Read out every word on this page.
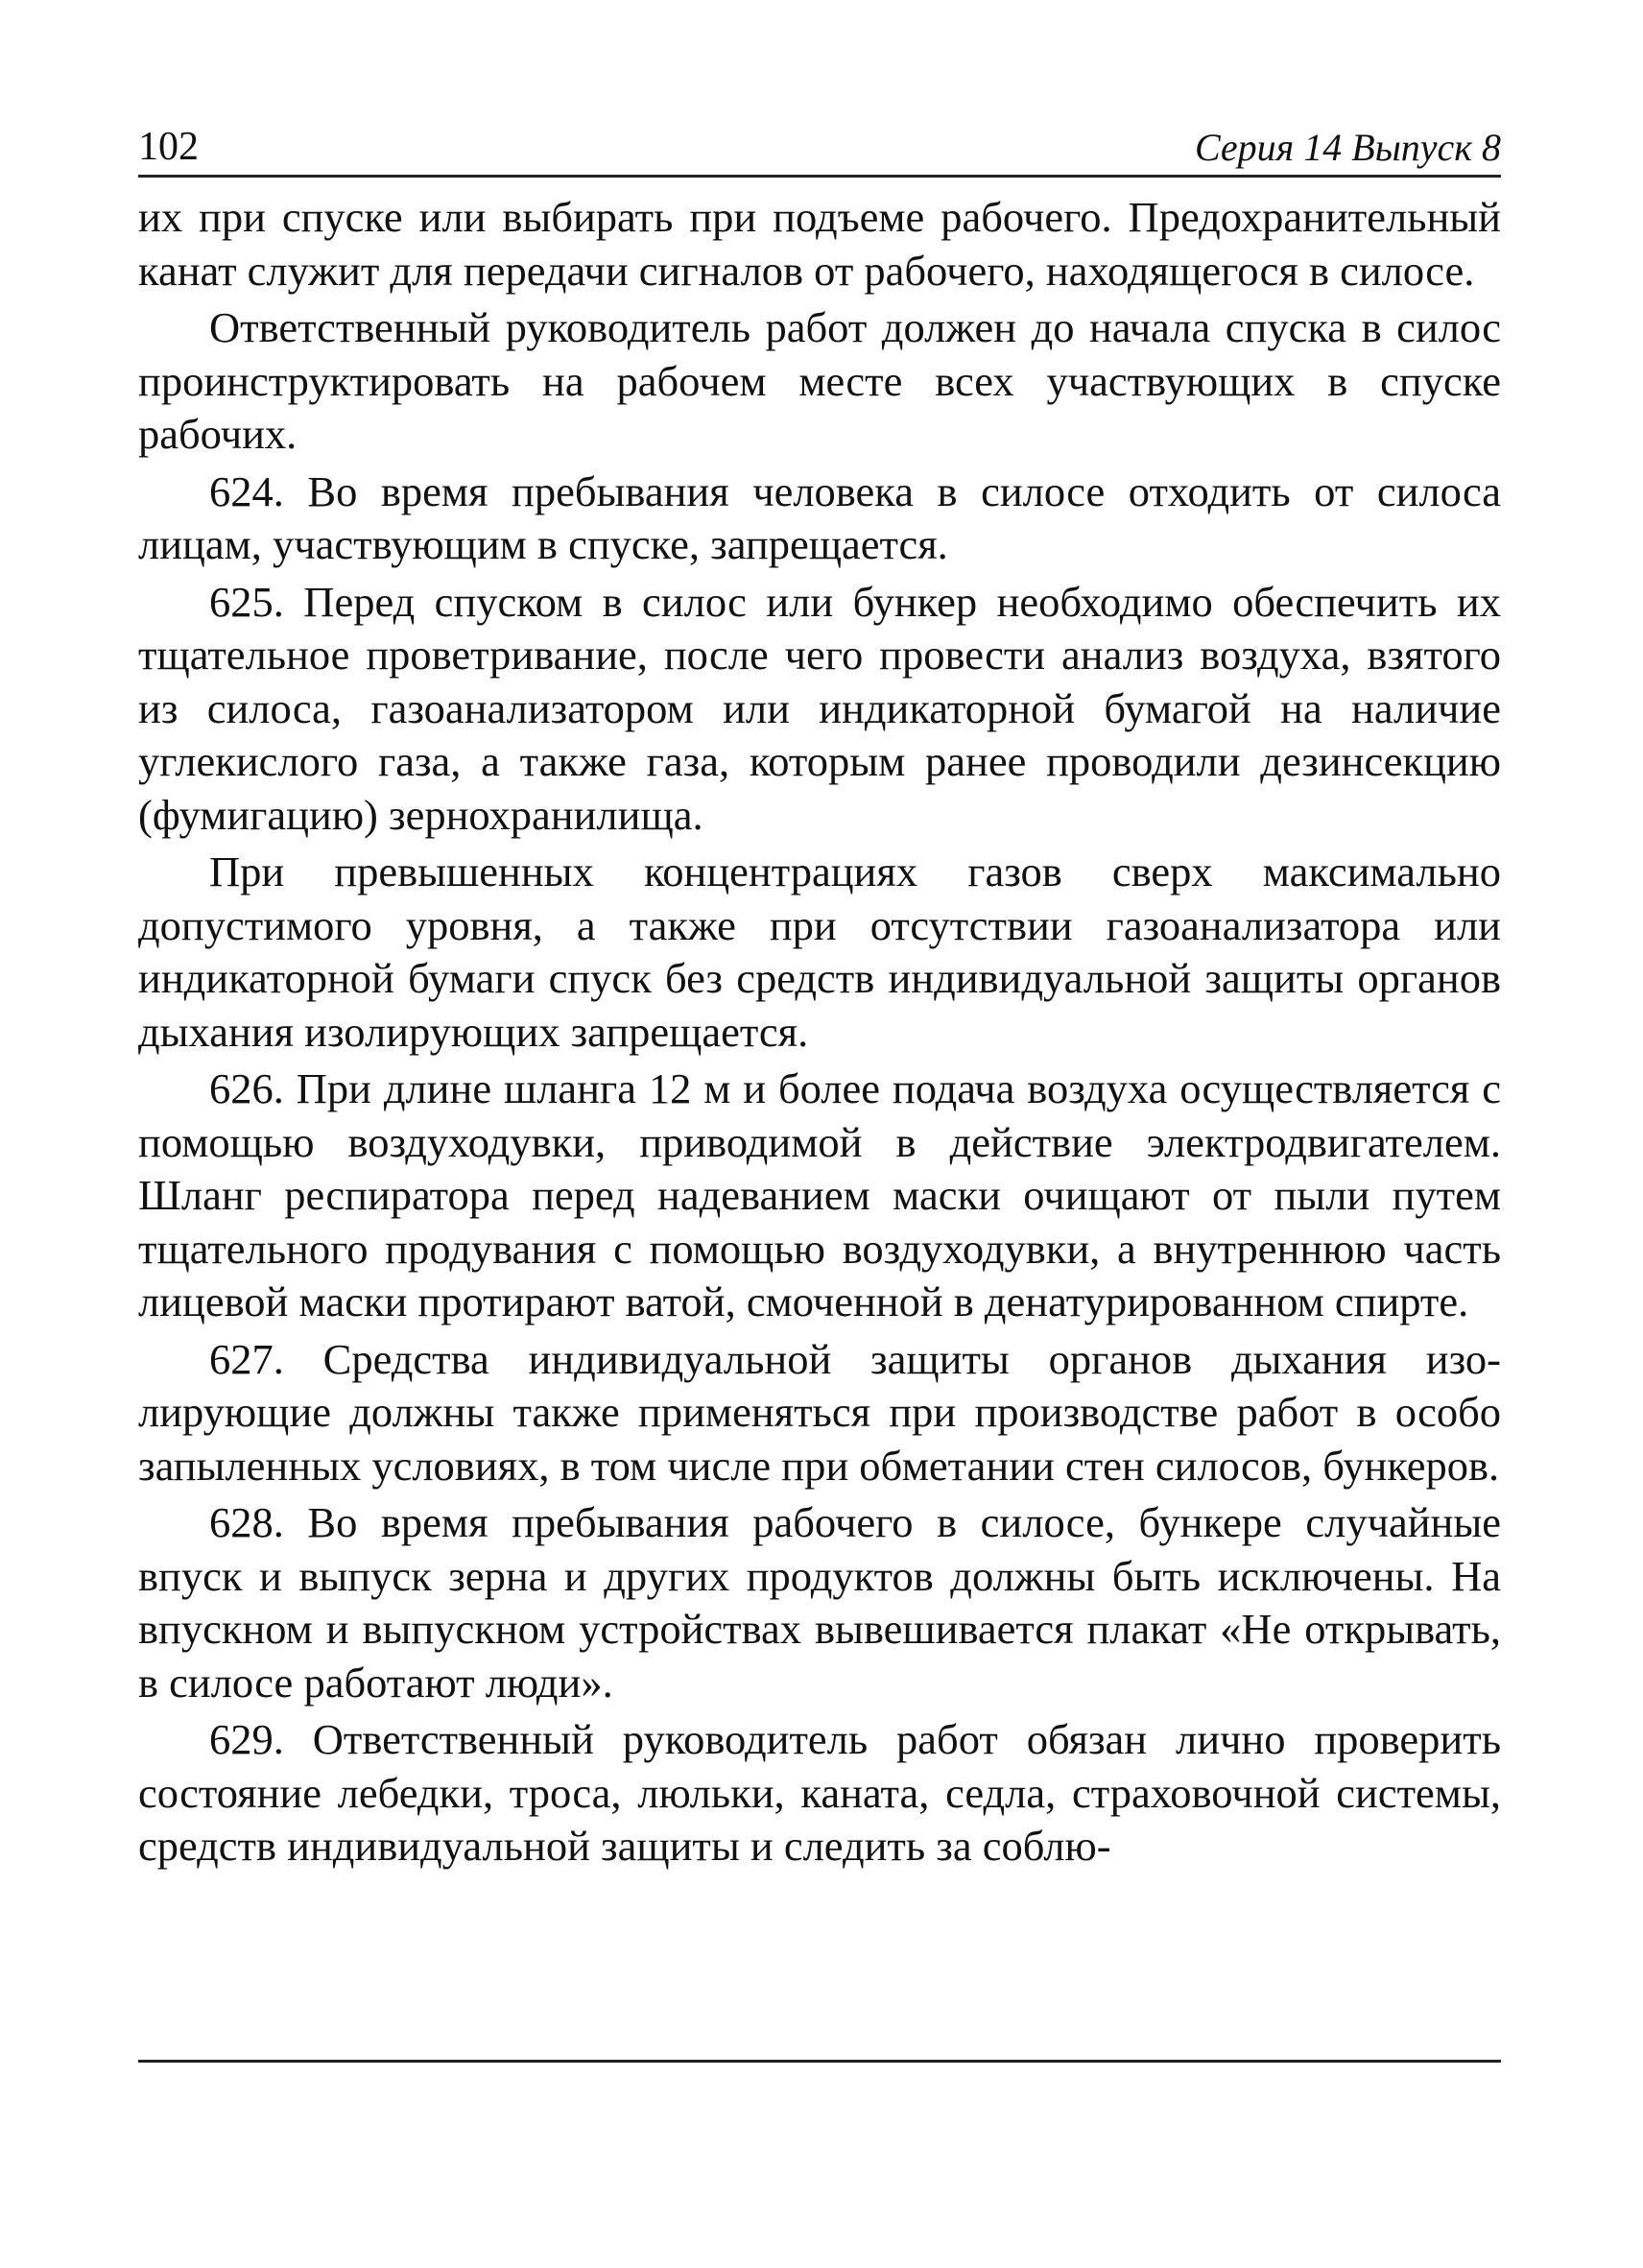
102	Серия 14 Выпуск 8

их при спуске или выбирать при подъеме рабочего. Предохранительный канат служит для передачи сигналов от рабочего, находящегося в силосе.

Ответственный руководитель работ должен до начала спуска в силос проинструктировать на рабочем месте всех участвующих в спуске рабочих.

624. Во время пребывания человека в силосе отходить от силоса лицам, участвующим в спуске, запрещается.

625. Перед спуском в силос или бункер необходимо обеспечить их тщательное проветривание, после чего провести анализ воздуха, взятого из силоса, газоанализатором или индикаторной бумагой на наличие углекислого газа, а также газа, которым ранее проводили дезинсекцию (фумигацию) зернохранилища.

При превышенных концентрациях газов сверх максимально допустимого уровня, а также при отсутствии газоанализатора или индикаторной бумаги спуск без средств индивидуальной защиты органов дыхания изолирующих запрещается.

626. При длине шланга 12 м и более подача воздуха осуществляется с помощью воздуходувки, приводимой в действие электродвигателем. Шланг респиратора перед надеванием маски очищают от пыли путем тщательного продувания с помощью воздуходувки, а внутреннюю часть лицевой маски протирают ватой, смоченной в денатурированном спирте.

627. Средства индивидуальной защиты органов дыхания изолирующие должны также применяться при производстве работ в особо запыленных условиях, в том числе при обметании стен силосов, бункеров.

628. Во время пребывания рабочего в силосе, бункере случайные впуск и выпуск зерна и других продуктов должны быть исключены. На впускном и выпускном устройствах вывешивается плакат «Не открывать, в силосе работают люди».

629. Ответственный руководитель работ обязан лично проверить состояние лебедки, троса, люльки, каната, седла, страховочной системы, средств индивидуальной защиты и следить за соблю-
